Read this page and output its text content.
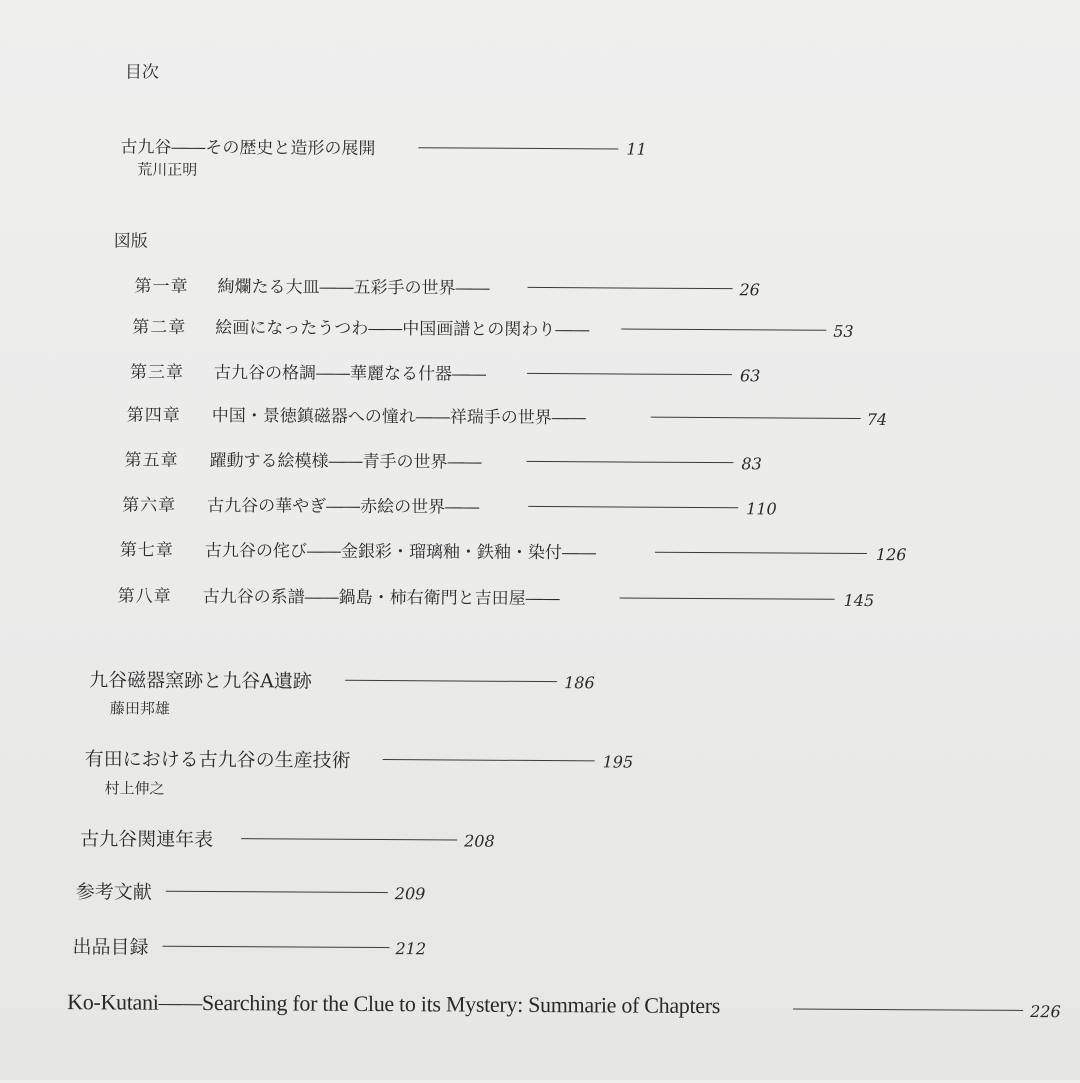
目次
古九谷――その歴史と造形の展開	11
荒川正明
図版
第一章 絢爛たる大皿――五彩手の世界――	26
第二章 絵画になったうつわ――中国画譜との関わり――	53
第三章 古九谷の格調――華麗なる什器――	63
第四章 中国・景徳鎮磁器への憧れ――祥瑞手の世界――	74
第五章 躍動する絵模様――青手の世界――	83
第六章 古九谷の華やぎ――赤絵の世界――	110
第七章 古九谷の侘び――金銀彩・瑠璃釉・鉄釉・染付――	126
第八章 古九谷の系譜――鍋島・柿右衛門と吉田屋――	145
九谷磁器窯跡と九谷A遺跡	186
藤田邦雄
有田における古九谷の生産技術	195
村上伸之
古九谷関連年表	208
参考文献	209
出品目録	212
Ko-Kutani――Searching for the Clue to its Mystery: Summarie of Chapters	226
